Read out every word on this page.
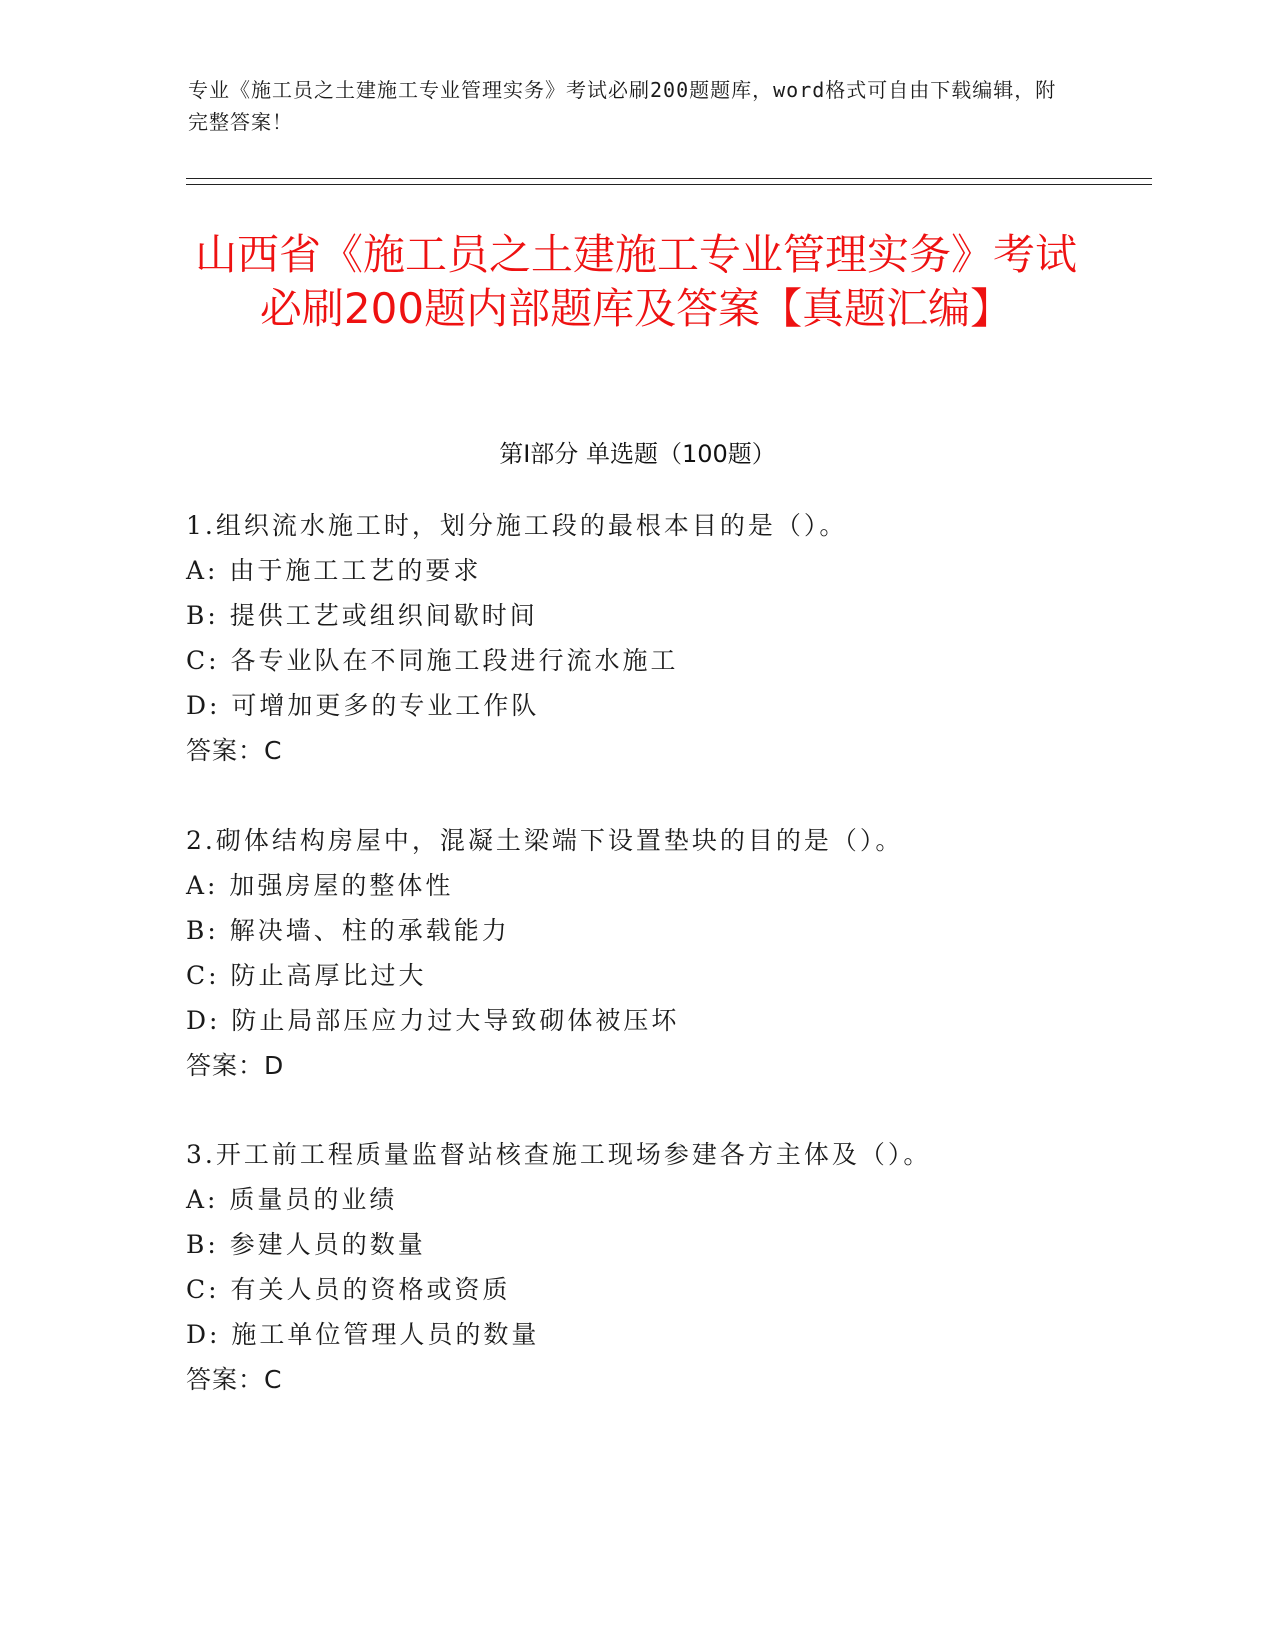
专业《施工员之土建施工专业管理实务》考试必刷200题题库，word格式可自由下载编辑，附完整答案！
山西省《施工员之土建施工专业管理实务》考试必刷200题内部题库及答案【真题汇编】
第I部分 单选题（100题）
1.组织流水施工时，划分施工段的最根本目的是（）。
A: 由于施工工艺的要求
B: 提供工艺或组织间歇时间
C: 各专业队在不同施工段进行流水施工
D: 可增加更多的专业工作队
答案：C
2.砌体结构房屋中，混凝土梁端下设置垫块的目的是（）。
A: 加强房屋的整体性
B: 解决墙、柱的承载能力
C: 防止高厚比过大
D: 防止局部压应力过大导致砌体被压坏
答案：D
3.开工前工程质量监督站核查施工现场参建各方主体及（）。
A: 质量员的业绩
B: 参建人员的数量
C: 有关人员的资格或资质
D: 施工单位管理人员的数量
答案：C
